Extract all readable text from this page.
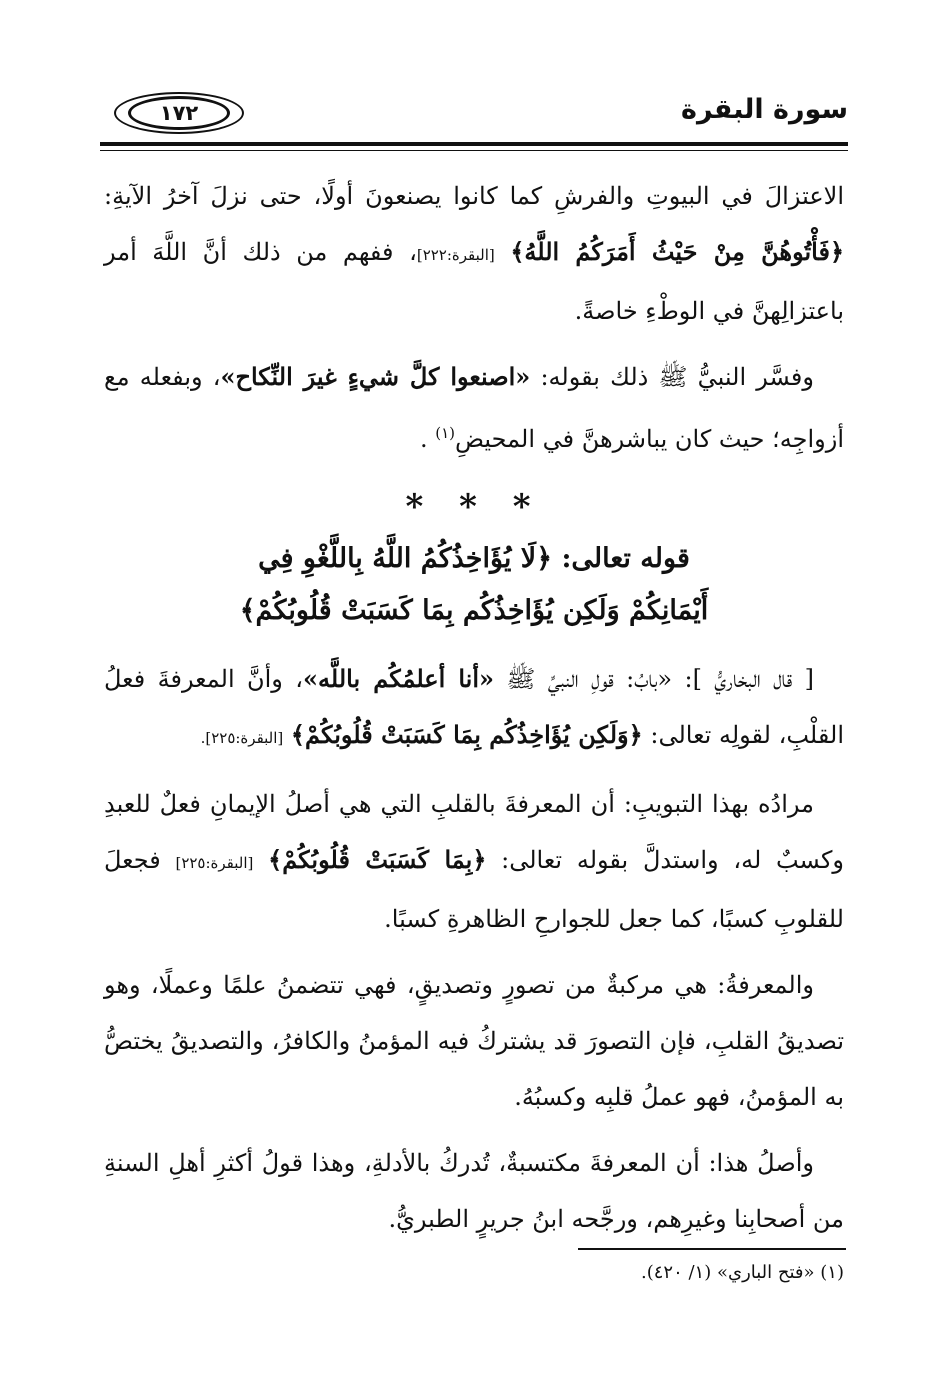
سورة البقرة
١٧٢

الاعتزالَ في البيوتِ والفرشِ كما كانوا يصنعونَ أولًا، حتى نزلَ آخرُ الآيةِ: ﴿فَأْتُوهُنَّ مِنْ حَيْثُ أَمَرَكُمُ اللَّهُ﴾ [البقرة:٢٢٢]، ففهم من ذلك أنَّ اللَّهَ أمر باعتزالِهنَّ في الوطْءِ خاصةً.

وفسَّر النبيُّ ﷺ ذلك بقوله: «اصنعوا كلَّ شيءٍ غيرَ النِّكاح»، وبفعله مع أزواجِه؛ حيث كان يباشرهنَّ في المحيضِ$^{(١)}$ .

* * *
قوله تعالى: ﴿لَا يُؤَاخِذُكُمُ اللَّهُ بِاللَّغْوِ فِي
أَيْمَانِكُمْ وَلَكِن يُؤَاخِذُكُم بِمَا كَسَبَتْ قُلُوبُكُمْ﴾

[ قال البخاريُّ ]: «بابُ: قولِ النبيِّ ﷺ «أنا أعلمُكُم باللَّه»، وأنَّ المعرفةَ فعلُ القلْبِ، لقولِه تعالى: ﴿وَلَكِن يُؤَاخِذُكُم بِمَا كَسَبَتْ قُلُوبُكُمْ﴾ [البقرة:٢٢٥].

مرادُه بهذا التبويبِ: أن المعرفةَ بالقلبِ التي هي أصلُ الإيمانِ فعلٌ للعبدِ وكسبٌ له، واستدلَّ بقوله تعالى: ﴿بِمَا كَسَبَتْ قُلُوبُكُمْ﴾ [البقرة:٢٢٥] فجعلَ للقلوبِ كسبًا، كما جعل للجوارحِ الظاهرةِ كسبًا.

والمعرفةُ: هي مركبةٌ من تصورٍ وتصديقٍ، فهي تتضمنُ علمًا وعملًا، وهو تصديقُ القلبِ، فإن التصورَ قد يشتركُ فيه المؤمنُ والكافرُ، والتصديقُ يختصُّ به المؤمنُ، فهو عملُ قلبِه وكسبُهُ.

وأصلُ هذا: أن المعرفةَ مكتسبةٌ، تُدركُ بالأدلةِ، وهذا قولُ أكثرِ أهلِ السنةِ من أصحابِنا وغيرِهم، ورجَّحه ابنُ جريرٍ الطبريُّ.

(١) «فتح الباري» (١/ ٤٢٠).
